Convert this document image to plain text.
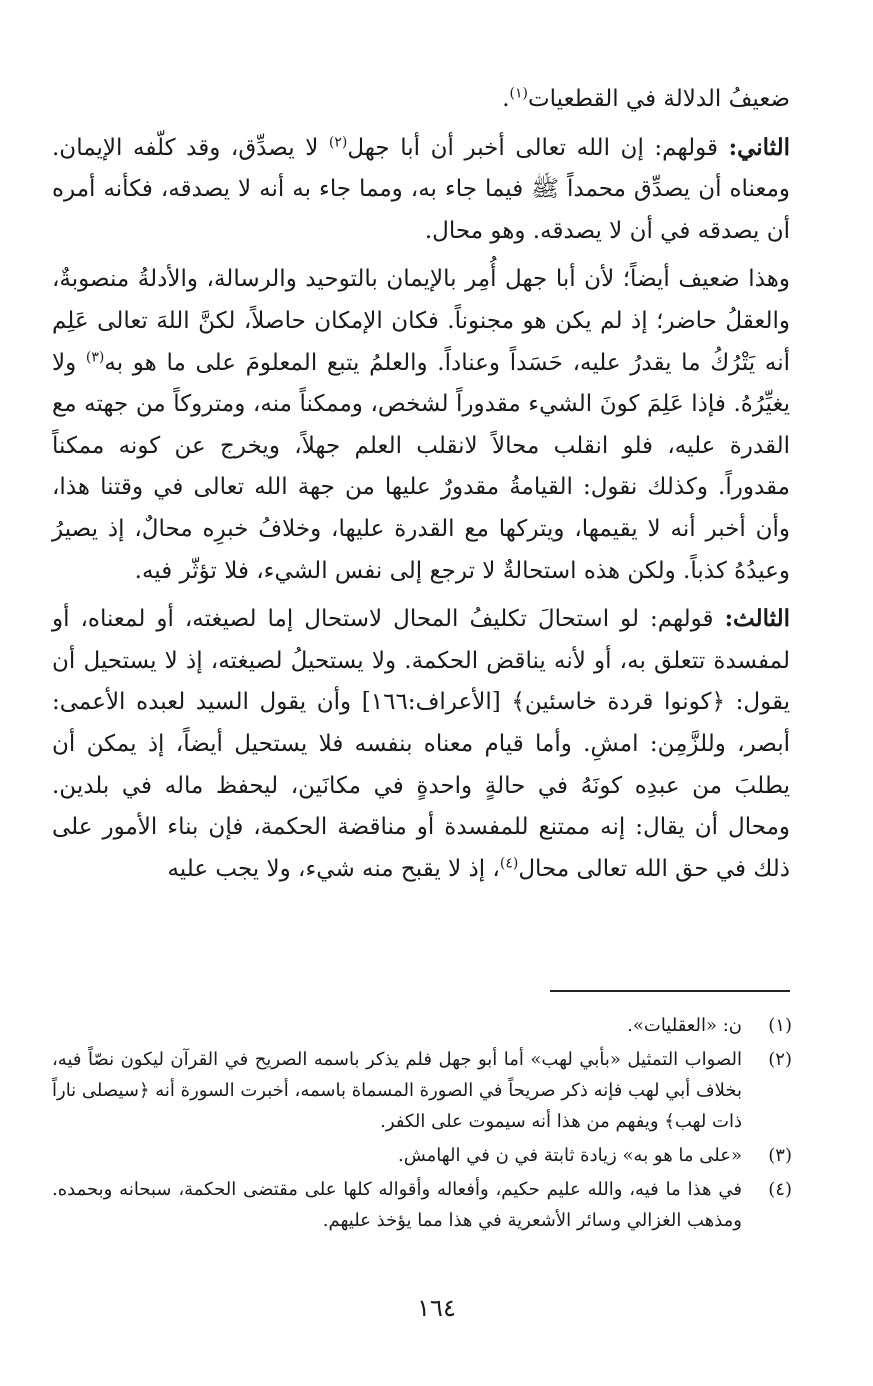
ضعيفُ الدلالة في القطعيات$^{(١)}$.

الثاني: قولهم: إن الله تعالى أخبر أن أبا جهل$^{(٢)}$ لا يصدِّق، وقد كلّفه الإيمان. ومعناه أن يصدِّق محمداً ﷺ فيما جاء به، ومما جاء به أنه لا يصدقه، فكأنه أمره أن يصدقه في أن لا يصدقه. وهو محال.

وهذا ضعيف أيضاً؛ لأن أبا جهل أُمِر بالإيمان بالتوحيد والرسالة، والأدلةُ منصوبةٌ، والعقلُ حاضر؛ إذ لم يكن هو مجنوناً. فكان الإمكان حاصلاً، لكنَّ اللهَ تعالى عَلِم أنه يَتْرُكُ ما يقدرُ عليه، حَسَداً وعناداً. والعلمُ يتبع المعلومَ على ما هو به$^{(٣)}$ ولا يغيِّرُهُ. فإذا عَلِمَ كونَ الشيء مقدوراً لشخص، وممكناً منه، ومتروكاً من جهته مع القدرة عليه، فلو انقلب محالاً لانقلب العلم جهلاً، ويخرج عن كونه ممكناً مقدوراً. وكذلك نقول: القيامةُ مقدورٌ عليها من جهة الله تعالى في وقتنا هذا، وأن أخبر أنه لا يقيمها، ويتركها مع القدرة عليها، وخلافُ خبرِه محالٌ، إذ يصيرُ وعيدُهُ كذباً. ولكن هذه استحالةٌ لا ترجع إلى نفس الشيء، فلا تؤثّر فيه.

الثالث: قولهم: لو استحالَ تكليفُ المحال لاستحال إما لصيغته، أو لمعناه، أو لمفسدة تتعلق به، أو لأنه يناقض الحكمة. ولا يستحيلُ لصيغته، إذ لا يستحيل أن يقول: ﴿كونوا قردة خاسئين﴾ [الأعراف:١٦٦] وأن يقول السيد لعبده الأعمى: أبصر، وللزَّمِن: امشِ. وأما قيام معناه بنفسه فلا يستحيل أيضاً، إذ يمكن أن يطلبَ من عبدِه كونَهُ في حالةٍ واحدةٍ في مكانَين، ليحفظ ماله في بلدين. ومحال أن يقال: إنه ممتنع للمفسدة أو مناقضة الحكمة، فإن بناء الأمور على ذلك في حق الله تعالى محال$^{(٤)}$، إذ لا يقبح منه شيء، ولا يجب عليه

(١)
ن: «العقليات».
(٢)
الصواب التمثيل «بأبي لهب» أما أبو جهل فلم يذكر باسمه الصريح في القرآن ليكون نصّاً فيه، بخلاف أبي لهب فإنه ذكر صريحاً في الصورة المسماة باسمه، أخبرت السورة أنه ﴿سيصلى ناراً ذات لهب﴾ ويفهم من هذا أنه سيموت على الكفر.
(٣)
«على ما هو به» زيادة ثابتة في ن في الهامش.
(٤)
في هذا ما فيه، والله عليم حكيم، وأفعاله وأقواله كلها على مقتضى الحكمة، سبحانه وبحمده. ومذهب الغزالي وسائر الأشعرية في هذا مما يؤخذ عليهم.
١٦٤
